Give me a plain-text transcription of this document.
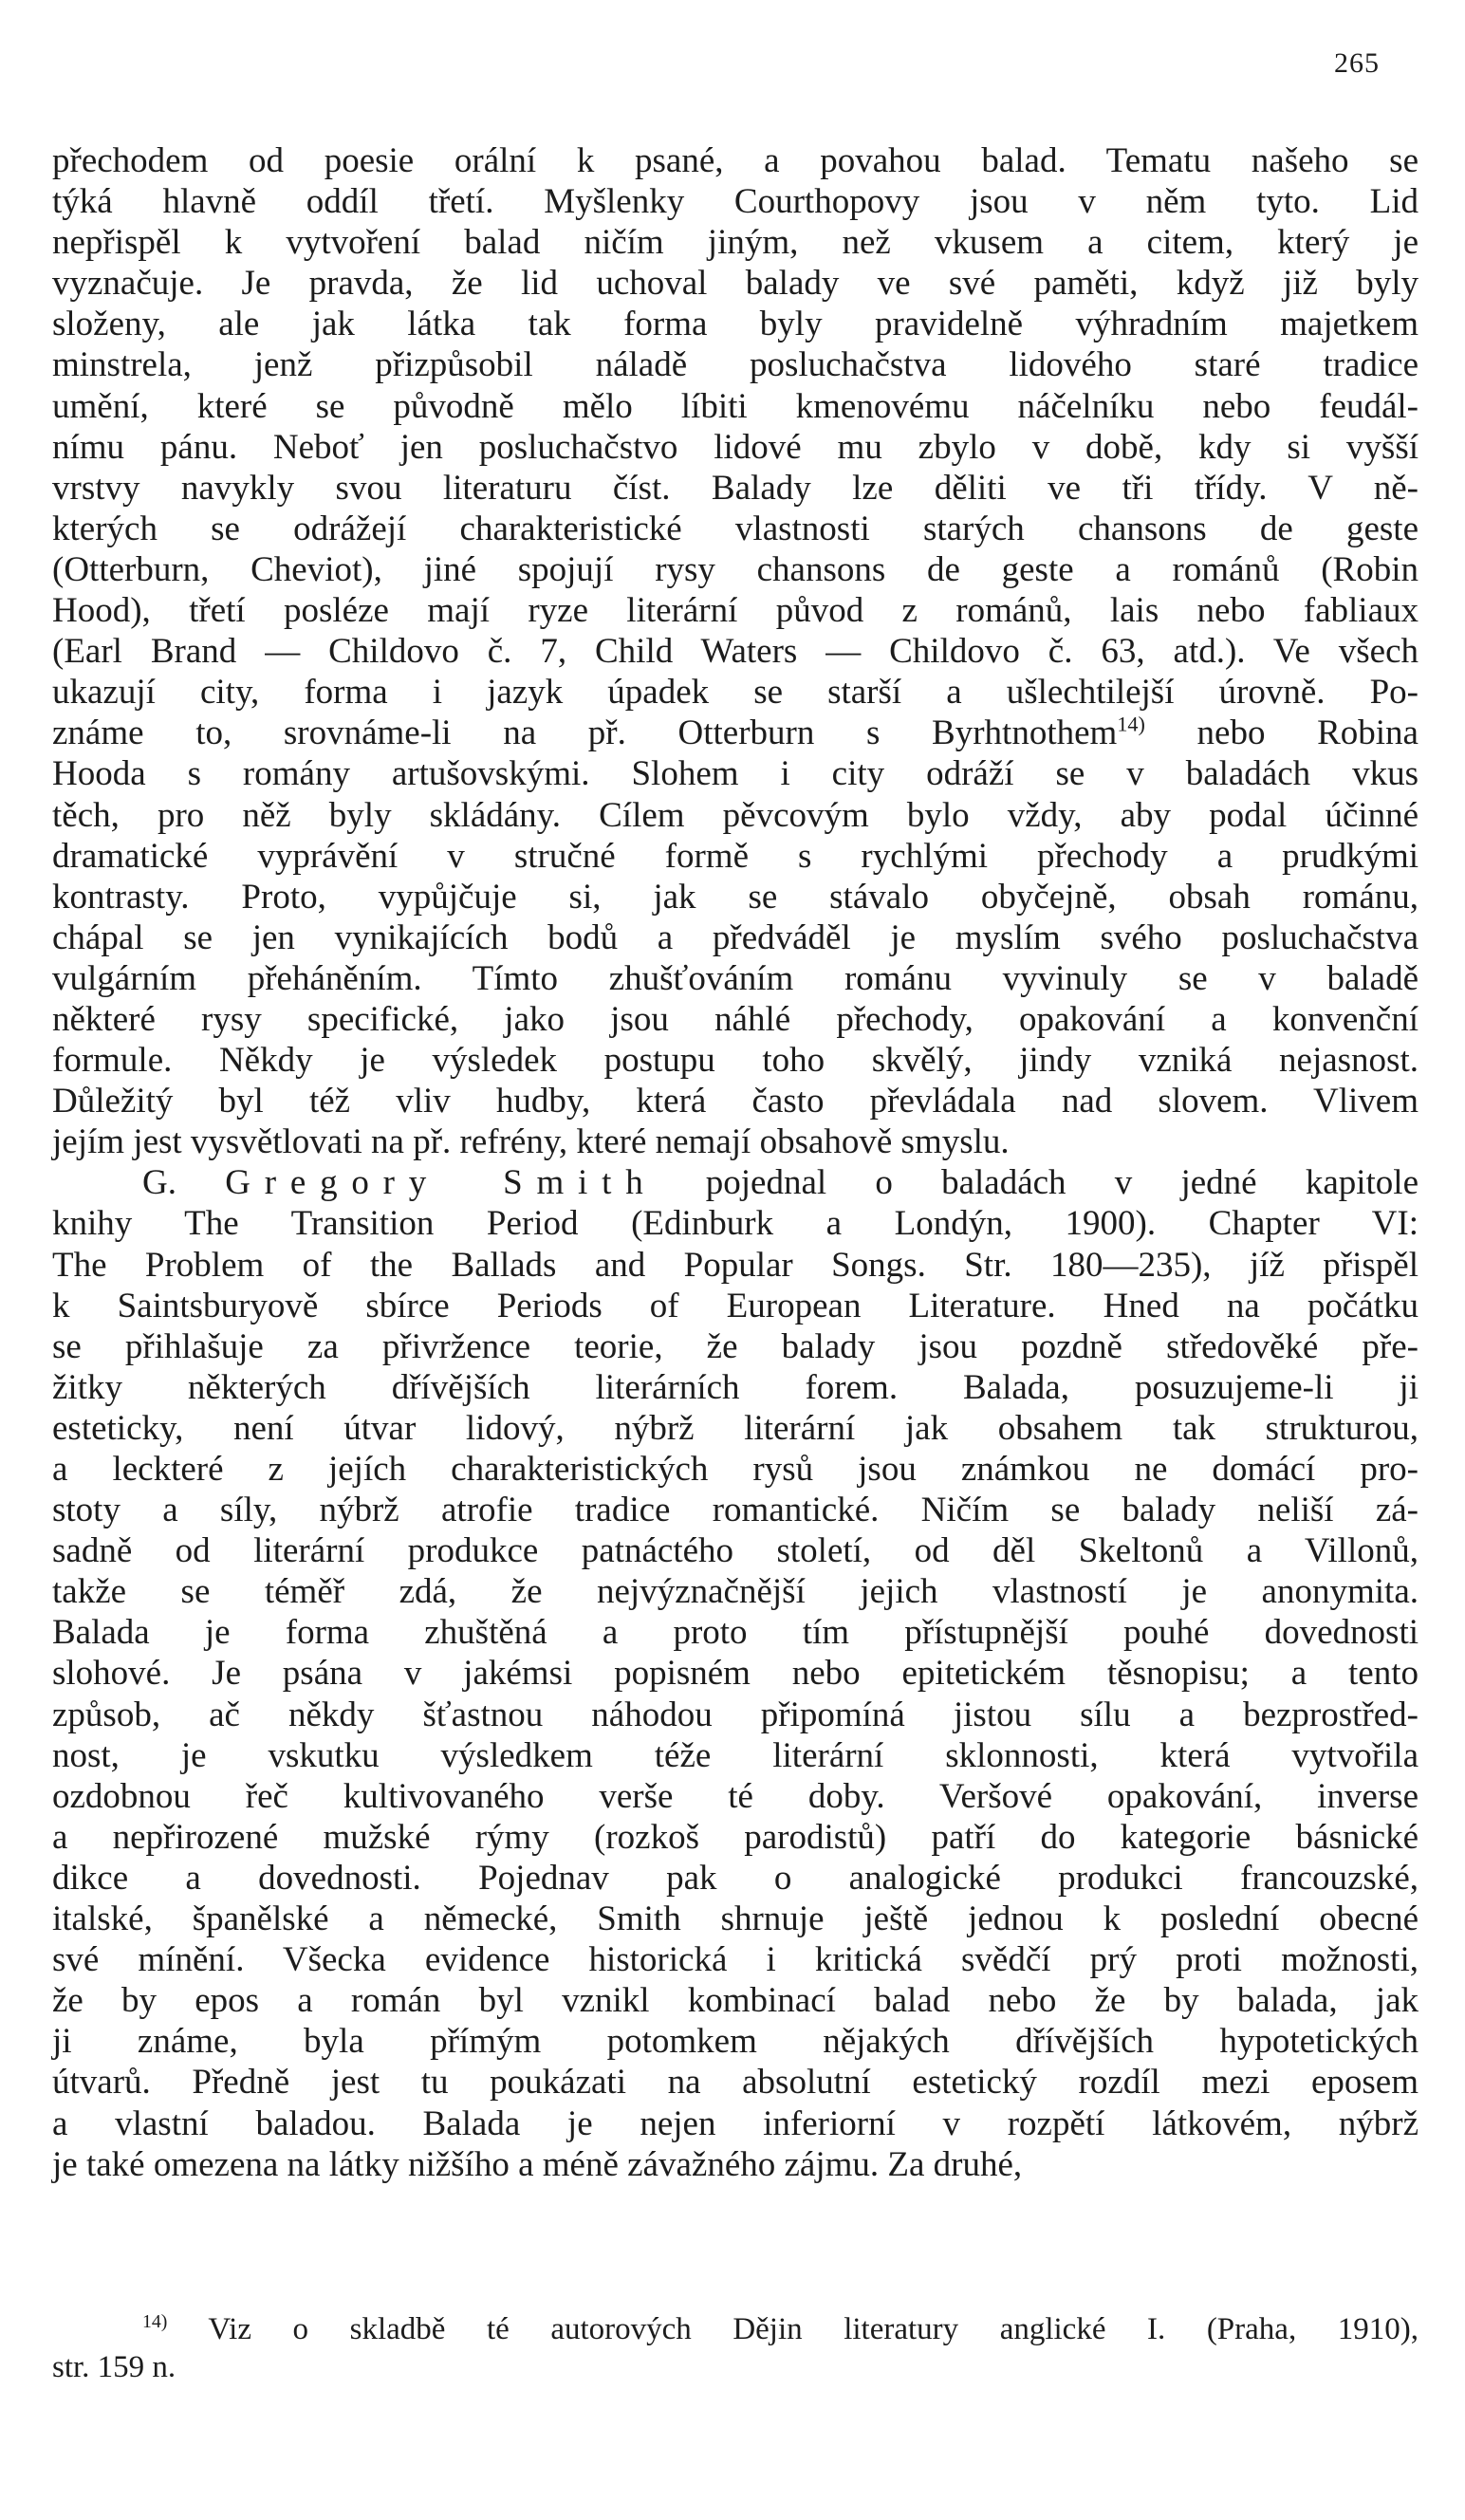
265
přechodem od poesie orální k psané, a povahou balad. Tematu našeho se
týká hlavně oddíl třetí. Myšlenky Courthopovy jsou v něm tyto. Lid
nepřispěl k vytvoření balad ničím jiným, než vkusem a citem, který je
vyznačuje. Je pravda, že lid uchoval balady ve své paměti, když již byly
složeny, ale jak látka tak forma byly pravidelně výhradním majetkem
minstrela, jenž přizpůsobil náladě posluchačstva lidového staré tradice
umění, které se původně mělo líbiti kmenovému náčelníku nebo feudál-
nímu pánu. Neboť jen posluchačstvo lidové mu zbylo v době, kdy si vyšší
vrstvy navykly svou literaturu číst. Balady lze děliti ve tři třídy. V ně-
kterých se odrážejí charakteristické vlastnosti starých chansons de geste
(Otterburn, Cheviot), jiné spojují rysy chansons de geste a románů (Robin
Hood), třetí posléze mají ryze literární původ z románů, lais nebo fabliaux
(Earl Brand — Childovo č. 7, Child Waters — Childovo č. 63, atd.). Ve všech
ukazují city, forma i jazyk úpadek se starší a ušlechtilejší úrovně. Po-
známe to, srovnáme-li na př. Otterburn s Byrhtnothem$^{14)}$ nebo Robina
Hooda s romány artušovskými. Slohem i city odráží se v baladách vkus
těch, pro něž byly skládány. Cílem pěvcovým bylo vždy, aby podal účinné
dramatické vyprávění v stručné formě s rychlými přechody a prudkými
kontrasty. Proto, vypůjčuje si, jak se stávalo obyčejně, obsah románu,
chápal se jen vynikajících bodů a předváděl je myslím svého posluchačstva
vulgárním přeháněním. Tímto zhušťováním románu vyvinuly se v baladě
některé rysy specifické, jako jsou náhlé přechody, opakování a konvenční
formule. Někdy je výsledek postupu toho skvělý, jindy vzniká nejasnost.
Důležitý byl též vliv hudby, která často převládala nad slovem. Vlivem
jejím jest vysvětlovati na př. refrény, které nemají obsahově smyslu.
G. Gregory Smith pojednal o baladách v jedné kapitole
knihy The Transition Period (Edinburk a Londýn, 1900). Chapter VI:
The Problem of the Ballads and Popular Songs. Str. 180—235), jíž přispěl
k Saintsburyově sbírce Periods of European Literature. Hned na počátku
se přihlašuje za přivržence teorie, že balady jsou pozdně středověké pře-
žitky některých dřívějších literárních forem. Balada, posuzujeme-li ji
esteticky, není útvar lidový, nýbrž literární jak obsahem tak strukturou,
a leckteré z jejích charakteristických rysů jsou známkou ne domácí pro-
stoty a síly, nýbrž atrofie tradice romantické. Ničím se balady neliší zá-
sadně od literární produkce patnáctého století, od děl Skeltonů a Villonů,
takže se téměř zdá, že nejvýznačnější jejich vlastností je anonymita.
Balada je forma zhuštěná a proto tím přístupnější pouhé dovednosti
slohové. Je psána v jakémsi popisném nebo epitetickém těsnopisu; a tento
způsob, ač někdy šťastnou náhodou připomíná jistou sílu a bezprostřed-
nost, je vskutku výsledkem téže literární sklonnosti, která vytvořila
ozdobnou řeč kultivovaného verše té doby. Veršové opakování, inverse
a nepřirozené mužské rýmy (rozkoš parodistů) patří do kategorie básnické
dikce a dovednosti. Pojednav pak o analogické produkci francouzské,
italské, španělské a německé, Smith shrnuje ještě jednou k poslední obecné
své mínění. Všecka evidence historická i kritická svědčí prý proti možnosti,
že by epos a román byl vznikl kombinací balad nebo že by balada, jak
ji známe, byla přímým potomkem nějakých dřívějších hypotetických
útvarů. Předně jest tu poukázati na absolutní estetický rozdíl mezi eposem
a vlastní baladou. Balada je nejen inferiorní v rozpětí látkovém, nýbrž
je také omezena na látky nižšího a méně závažného zájmu. Za druhé,
$^{14)}$ Viz o skladbě té autorových Dějin literatury anglické I. (Praha, 1910),
str. 159 n.
